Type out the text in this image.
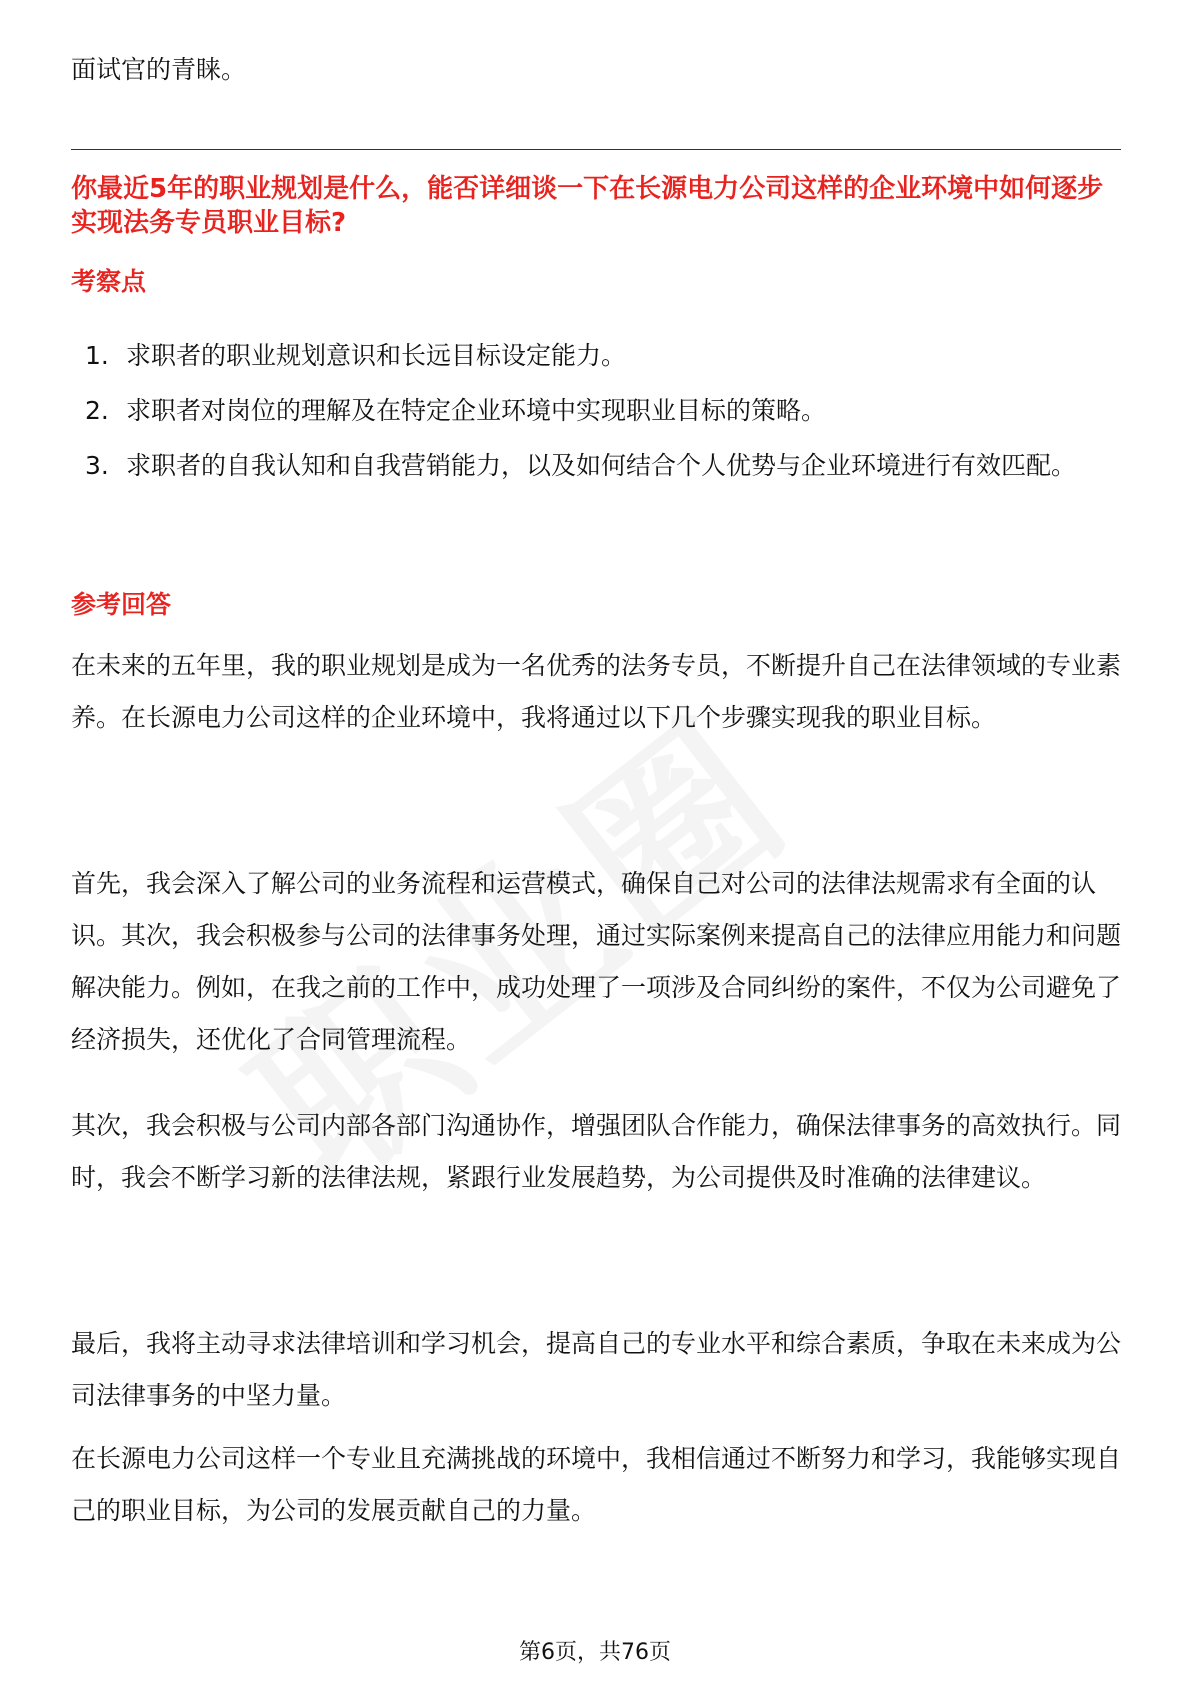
面试官的青睐。
你最近5年的职业规划是什么，能否详细谈一下在长源电力公司这样的企业环境中如何逐步实现法务专员职业目标?
考察点
1. 求职者的职业规划意识和长远目标设定能力。
2. 求职者对岗位的理解及在特定企业环境中实现职业目标的策略。
3. 求职者的自我认知和自我营销能力，以及如何结合个人优势与企业环境进行有效匹配。
参考回答
在未来的五年里，我的职业规划是成为一名优秀的法务专员，不断提升自己在法律领域的专业素养。在长源电力公司这样的企业环境中，我将通过以下几个步骤实现我的职业目标。
首先，我会深入了解公司的业务流程和运营模式，确保自己对公司的法律法规需求有全面的认识。其次，我会积极参与公司的法律事务处理，通过实际案例来提高自己的法律应用能力和问题解决能力。例如，在我之前的工作中，成功处理了一项涉及合同纠纷的案件，不仅为公司避免了经济损失，还优化了合同管理流程。
其次，我会积极与公司内部各部门沟通协作，增强团队合作能力，确保法律事务的高效执行。同时，我会不断学习新的法律法规，紧跟行业发展趋势，为公司提供及时准确的法律建议。
最后，我将主动寻求法律培训和学习机会，提高自己的专业水平和综合素质，争取在未来成为公司法律事务的中坚力量。
在长源电力公司这样一个专业且充满挑战的环境中，我相信通过不断努力和学习，我能够实现自己的职业目标，为公司的发展贡献自己的力量。
第6页，共76页
